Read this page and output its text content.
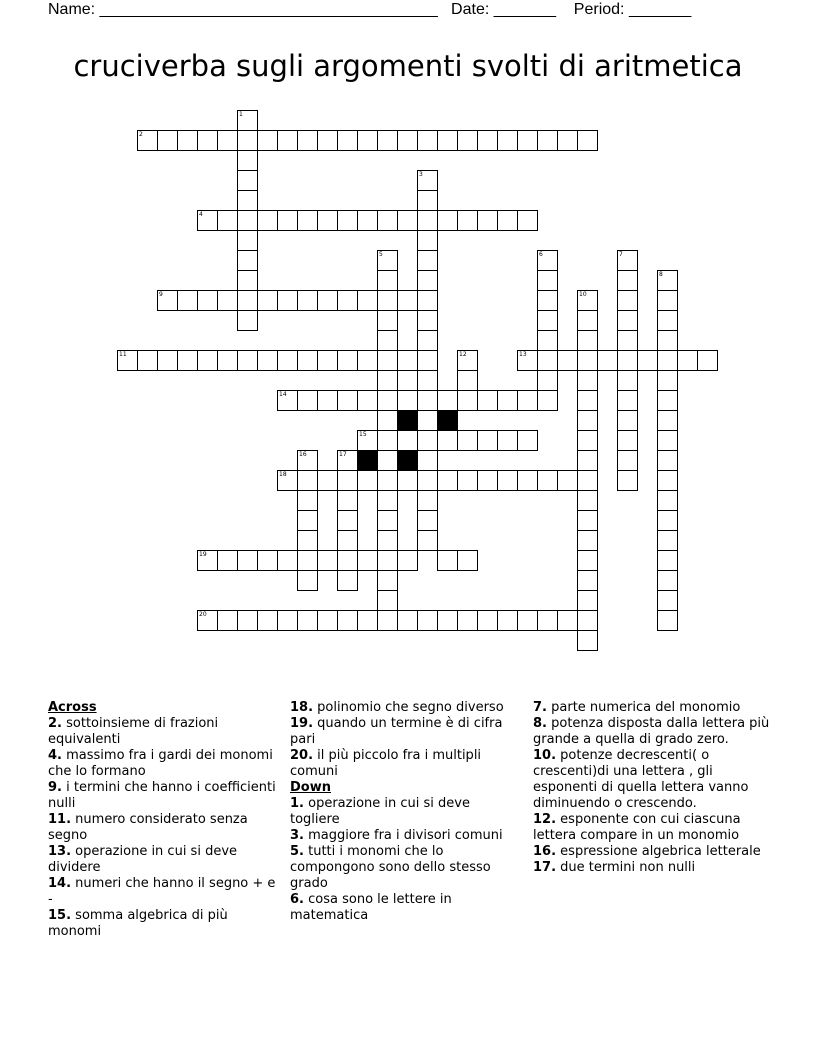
Name: ______________________________________   Date: _______    Period: _______
cruciverba sugli argomenti svolti di aritmetica
1
2
3
4
5	6	7
8
9	10
11	12	13
14
15
16	17
18
19
20

Across

2. sottoinsieme di frazioni equivalenti

4. massimo fra i gardi dei monomi che lo formano

9. i termini che hanno i coefficienti nulli

11. numero considerato senza segno

13. operazione in cui si deve dividere

14. numeri che hanno il segno + e -

15. somma algebrica di più monomi

18. polinomio che segno diverso

19. quando un termine è di cifra pari

20. il più piccolo fra i multipli comuni

Down

1. operazione in cui si deve togliere

3. maggiore fra i divisori comuni

5. tutti i monomi che lo compongono sono dello stesso grado

6. cosa sono le lettere in matematica

7. parte numerica del monomio

8. potenza disposta dalla lettera più grande a quella di grado zero.

10. potenze decrescenti( o crescenti)di una lettera , gli esponenti di quella lettera vanno diminuendo o crescendo.

12. esponente con cui ciascuna lettera compare in un monomio

16. espressione algebrica letterale

17. due termini non nulli
